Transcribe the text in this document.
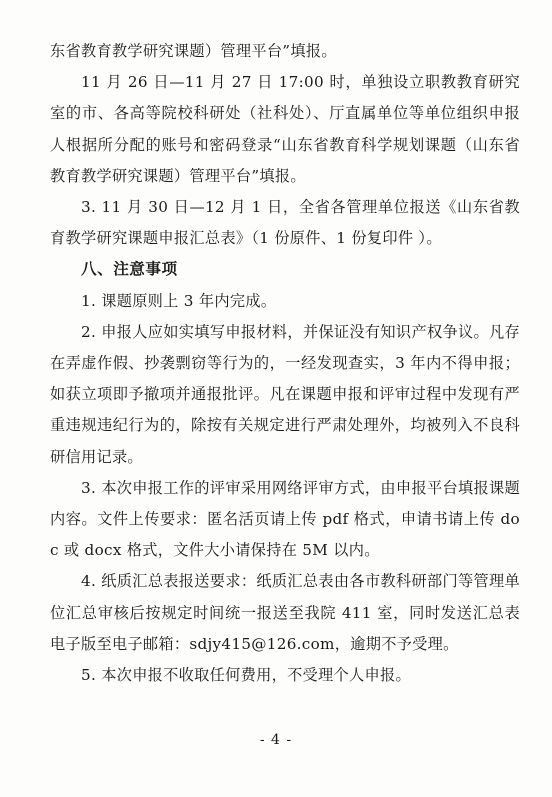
东省教育教学研究课题）管理平台”填报。

11 月 26 日—11 月 27 日 17:00 时，单独设立职教教育研究室的市、各高等院校科研处（社科处）、厅直属单位等单位组织申报人根据所分配的账号和密码登录“山东省教育科学规划课题（山东省教育教学研究课题）管理平台”填报。

3. 11 月 30 日—12 月 1 日，全省各管理单位报送《山东省教育教学研究课题申报汇总表》（1 份原件、1 份复印件 ）。

八、注意事项

1. 课题原则上 3 年内完成。

2. 申报人应如实填写申报材料，并保证没有知识产权争议。凡存在弄虚作假、抄袭剽窃等行为的，一经发现查实，3 年内不得申报；如获立项即予撤项并通报批评。凡在课题申报和评审过程中发现有严重违规违纪行为的，除按有关规定进行严肃处理外，均被列入不良科研信用记录。

3. 本次申报工作的评审采用网络评审方式，由申报平台填报课题内容。文件上传要求：匿名活页请上传 pdf 格式，申请书请上传 doc 或 docx 格式，文件大小请保持在 5M 以内。

4. 纸质汇总表报送要求：纸质汇总表由各市教科研部门等管理单位汇总审核后按规定时间统一报送至我院 411 室，同时发送汇总表电子版至电子邮箱：sdjy415@126.com，逾期不予受理。

5. 本次申报不收取任何费用，不受理个人申报。

- 4 -
